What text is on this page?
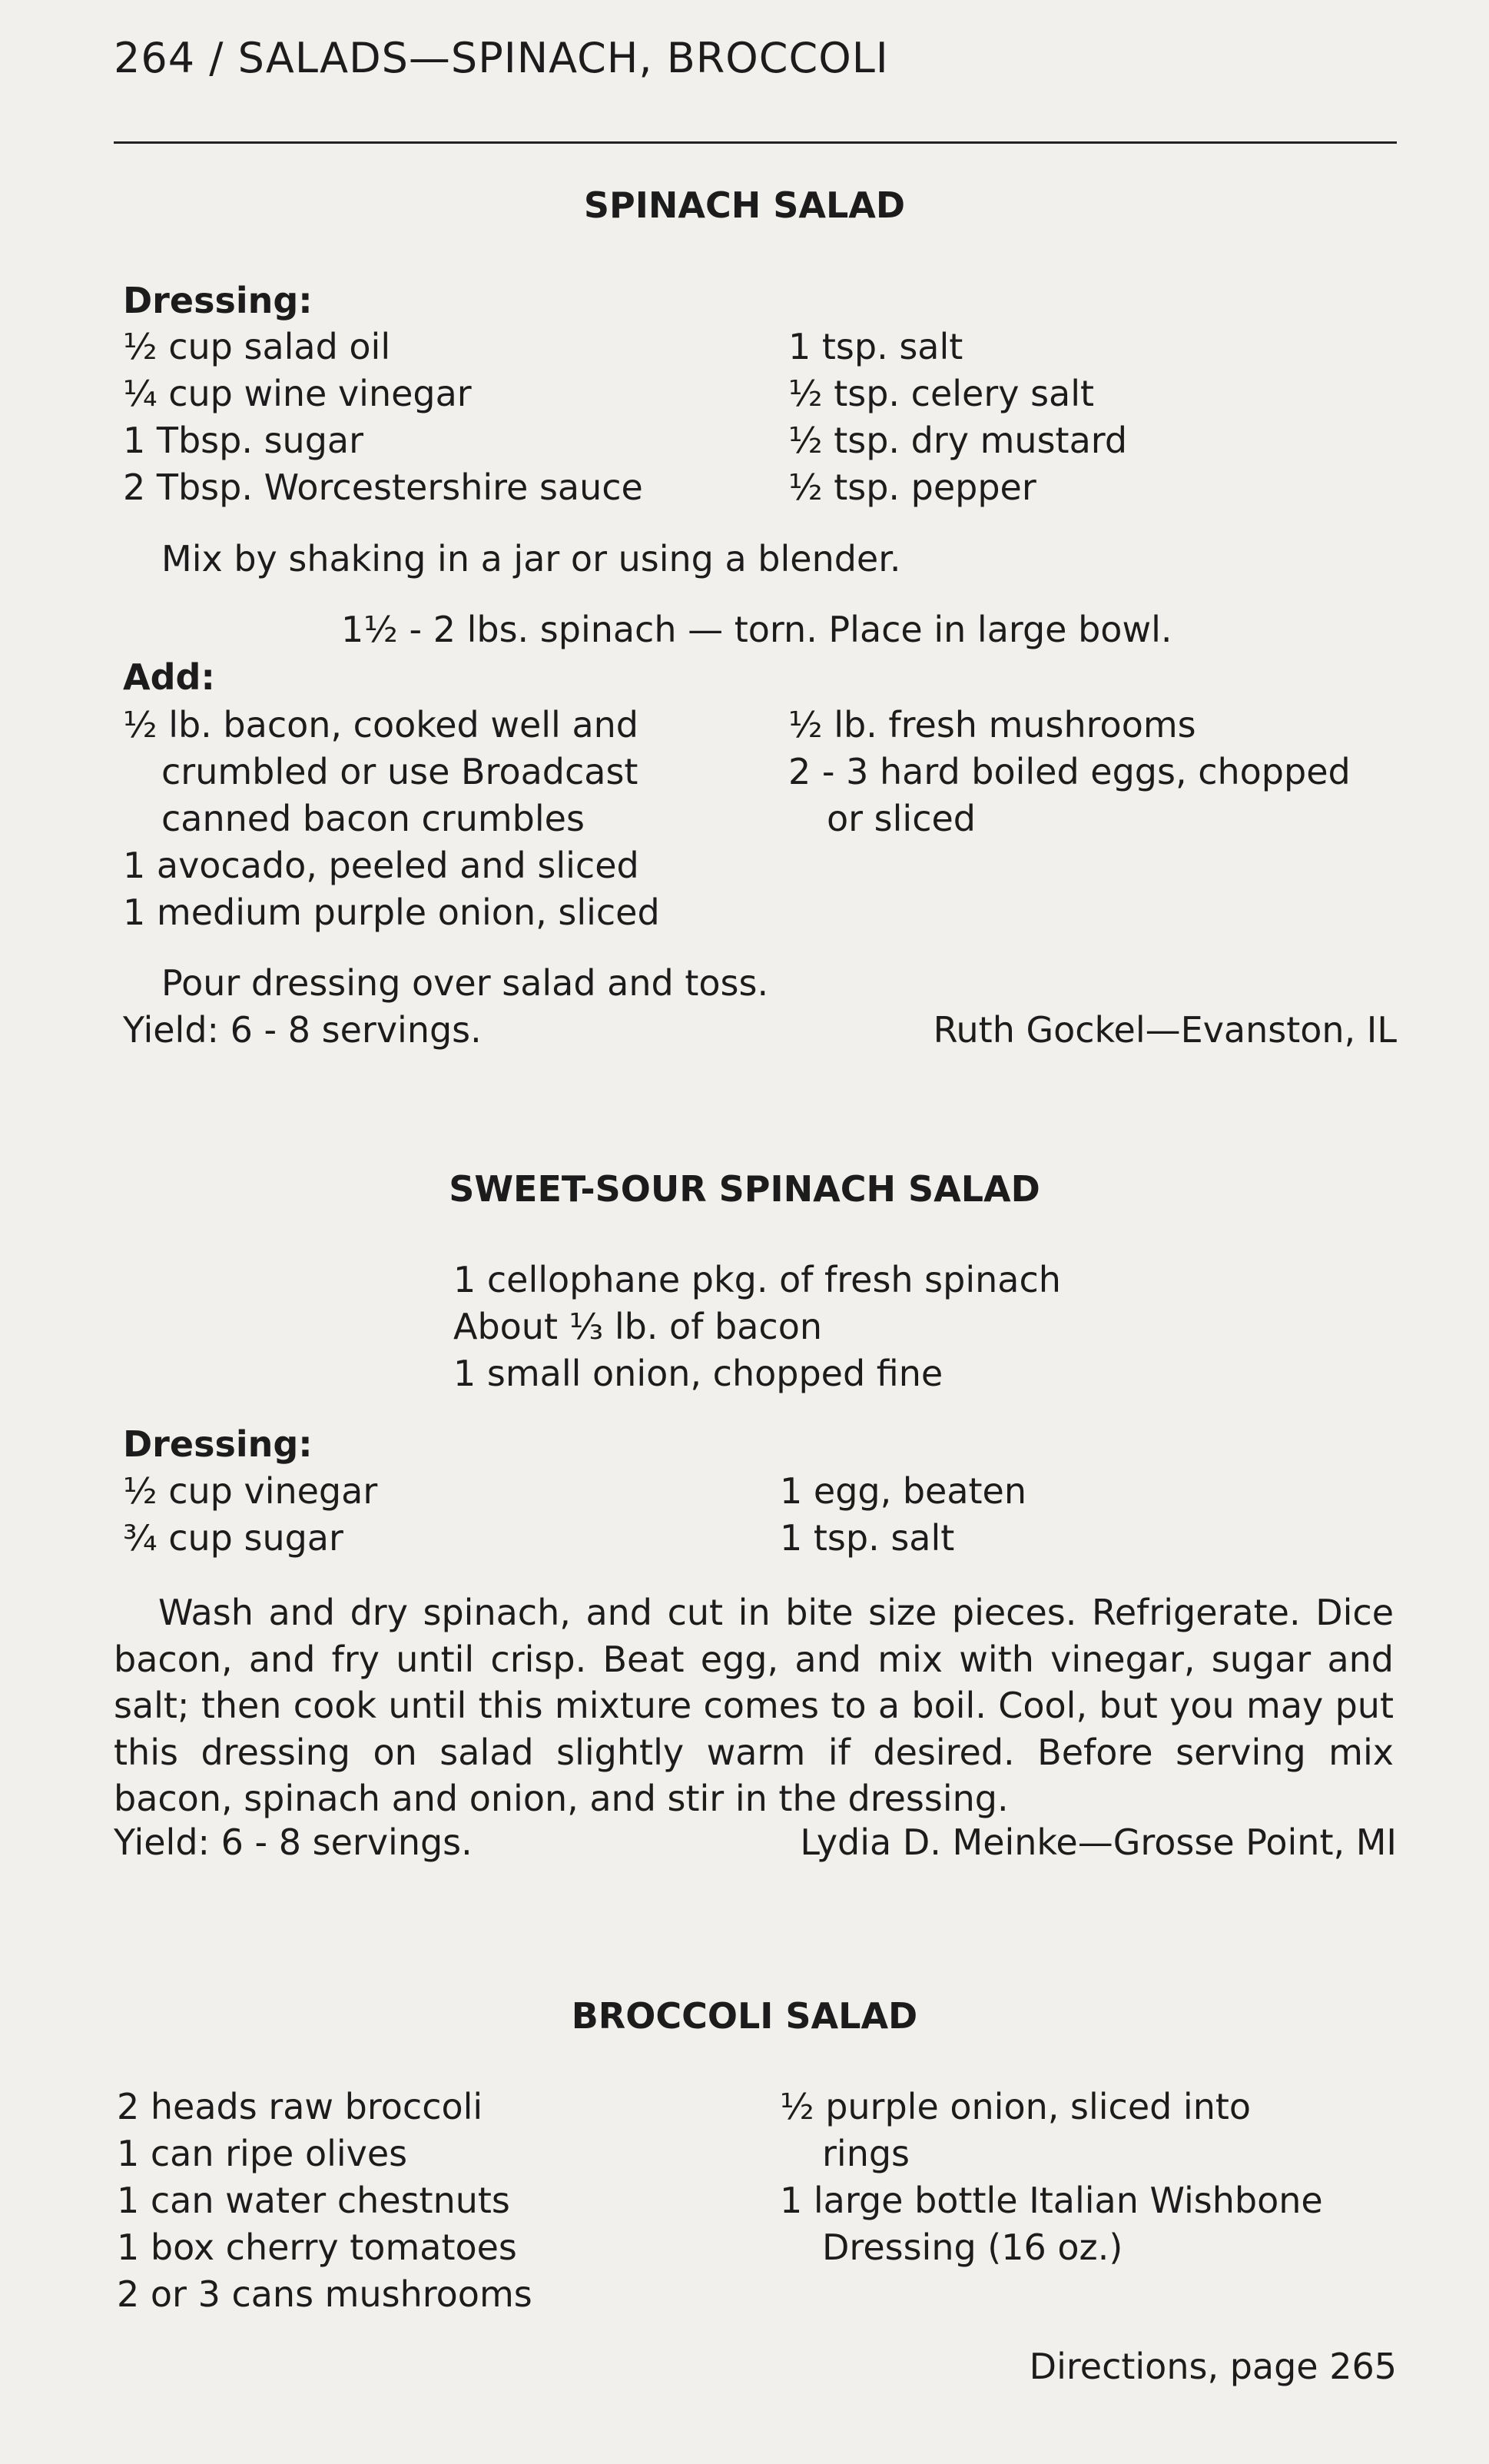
264 / SALADS—SPINACH, BROCCOLI
SPINACH SALAD
Dressing:
½ cup salad oil
¼ cup wine vinegar
1 Tbsp. sugar
2 Tbsp. Worcestershire sauce
1 tsp. salt
½ tsp. celery salt
½ tsp. dry mustard
½ tsp. pepper
Mix by shaking in a jar or using a blender.
1½ - 2 lbs. spinach — torn. Place in large bowl.
Add:
½ lb. bacon, cooked well and
crumbled or use Broadcast
canned bacon crumbles
1 avocado, peeled and sliced
1 medium purple onion, sliced
½ lb. fresh mushrooms
2 - 3 hard boiled eggs, chopped
or sliced
Pour dressing over salad and toss.
Yield: 6 - 8 servings.	Ruth Gockel—Evanston, IL
SWEET-SOUR SPINACH SALAD
1 cellophane pkg. of fresh spinach
About ⅓ lb. of bacon
1 small onion, chopped fine
Dressing:
½ cup vinegar
¾ cup sugar
1 egg, beaten
1 tsp. salt
Wash and dry spinach, and cut in bite size pieces. Refrigerate. Dice bacon, and fry until crisp. Beat egg, and mix with vinegar, sugar and salt; then cook until this mixture comes to a boil. Cool, but you may put this dressing on salad slightly warm if desired. Before serving mix bacon, spinach and onion, and stir in the dressing.
Yield: 6 - 8 servings.	Lydia D. Meinke—Grosse Point, MI
BROCCOLI SALAD
2 heads raw broccoli
1 can ripe olives
1 can water chestnuts
1 box cherry tomatoes
2 or 3 cans mushrooms
½ purple onion, sliced into
rings
1 large bottle Italian Wishbone
Dressing (16 oz.)
Directions, page 265
